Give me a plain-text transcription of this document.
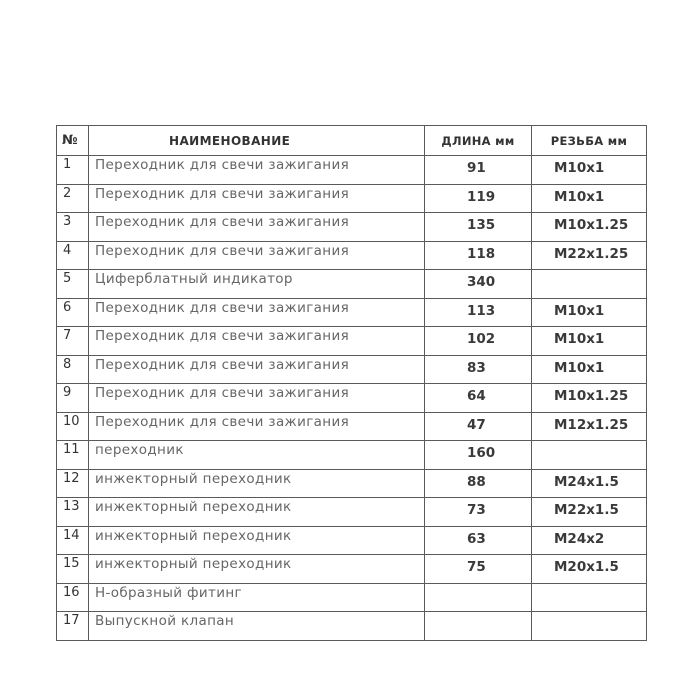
№	НАИМЕНОВАНИЕ	ДЛИНА мм	РЕЗЬБА мм
1	Переходник для свечи зажигания	91	M10x1
2	Переходник для свечи зажигания	119	M10x1
3	Переходник для свечи зажигания	135	M10x1.25
4	Переходник для свечи зажигания	118	M22x1.25
5	Циферблатный индикатор	340	
6	Переходник для свечи зажигания	113	M10x1
7	Переходник для свечи зажигания	102	M10x1
8	Переходник для свечи зажигания	83	M10x1
9	Переходник для свечи зажигания	64	M10x1.25
10	Переходник для свечи зажигания	47	M12x1.25
11	переходник	160	
12	инжекторный переходник	88	M24x1.5
13	инжекторный переходник	73	M22x1.5
14	инжекторный переходник	63	M24x2
15	инжекторный переходник	75	M20x1.5
16	Н-образный фитинг		
17	Выпускной клапан		
